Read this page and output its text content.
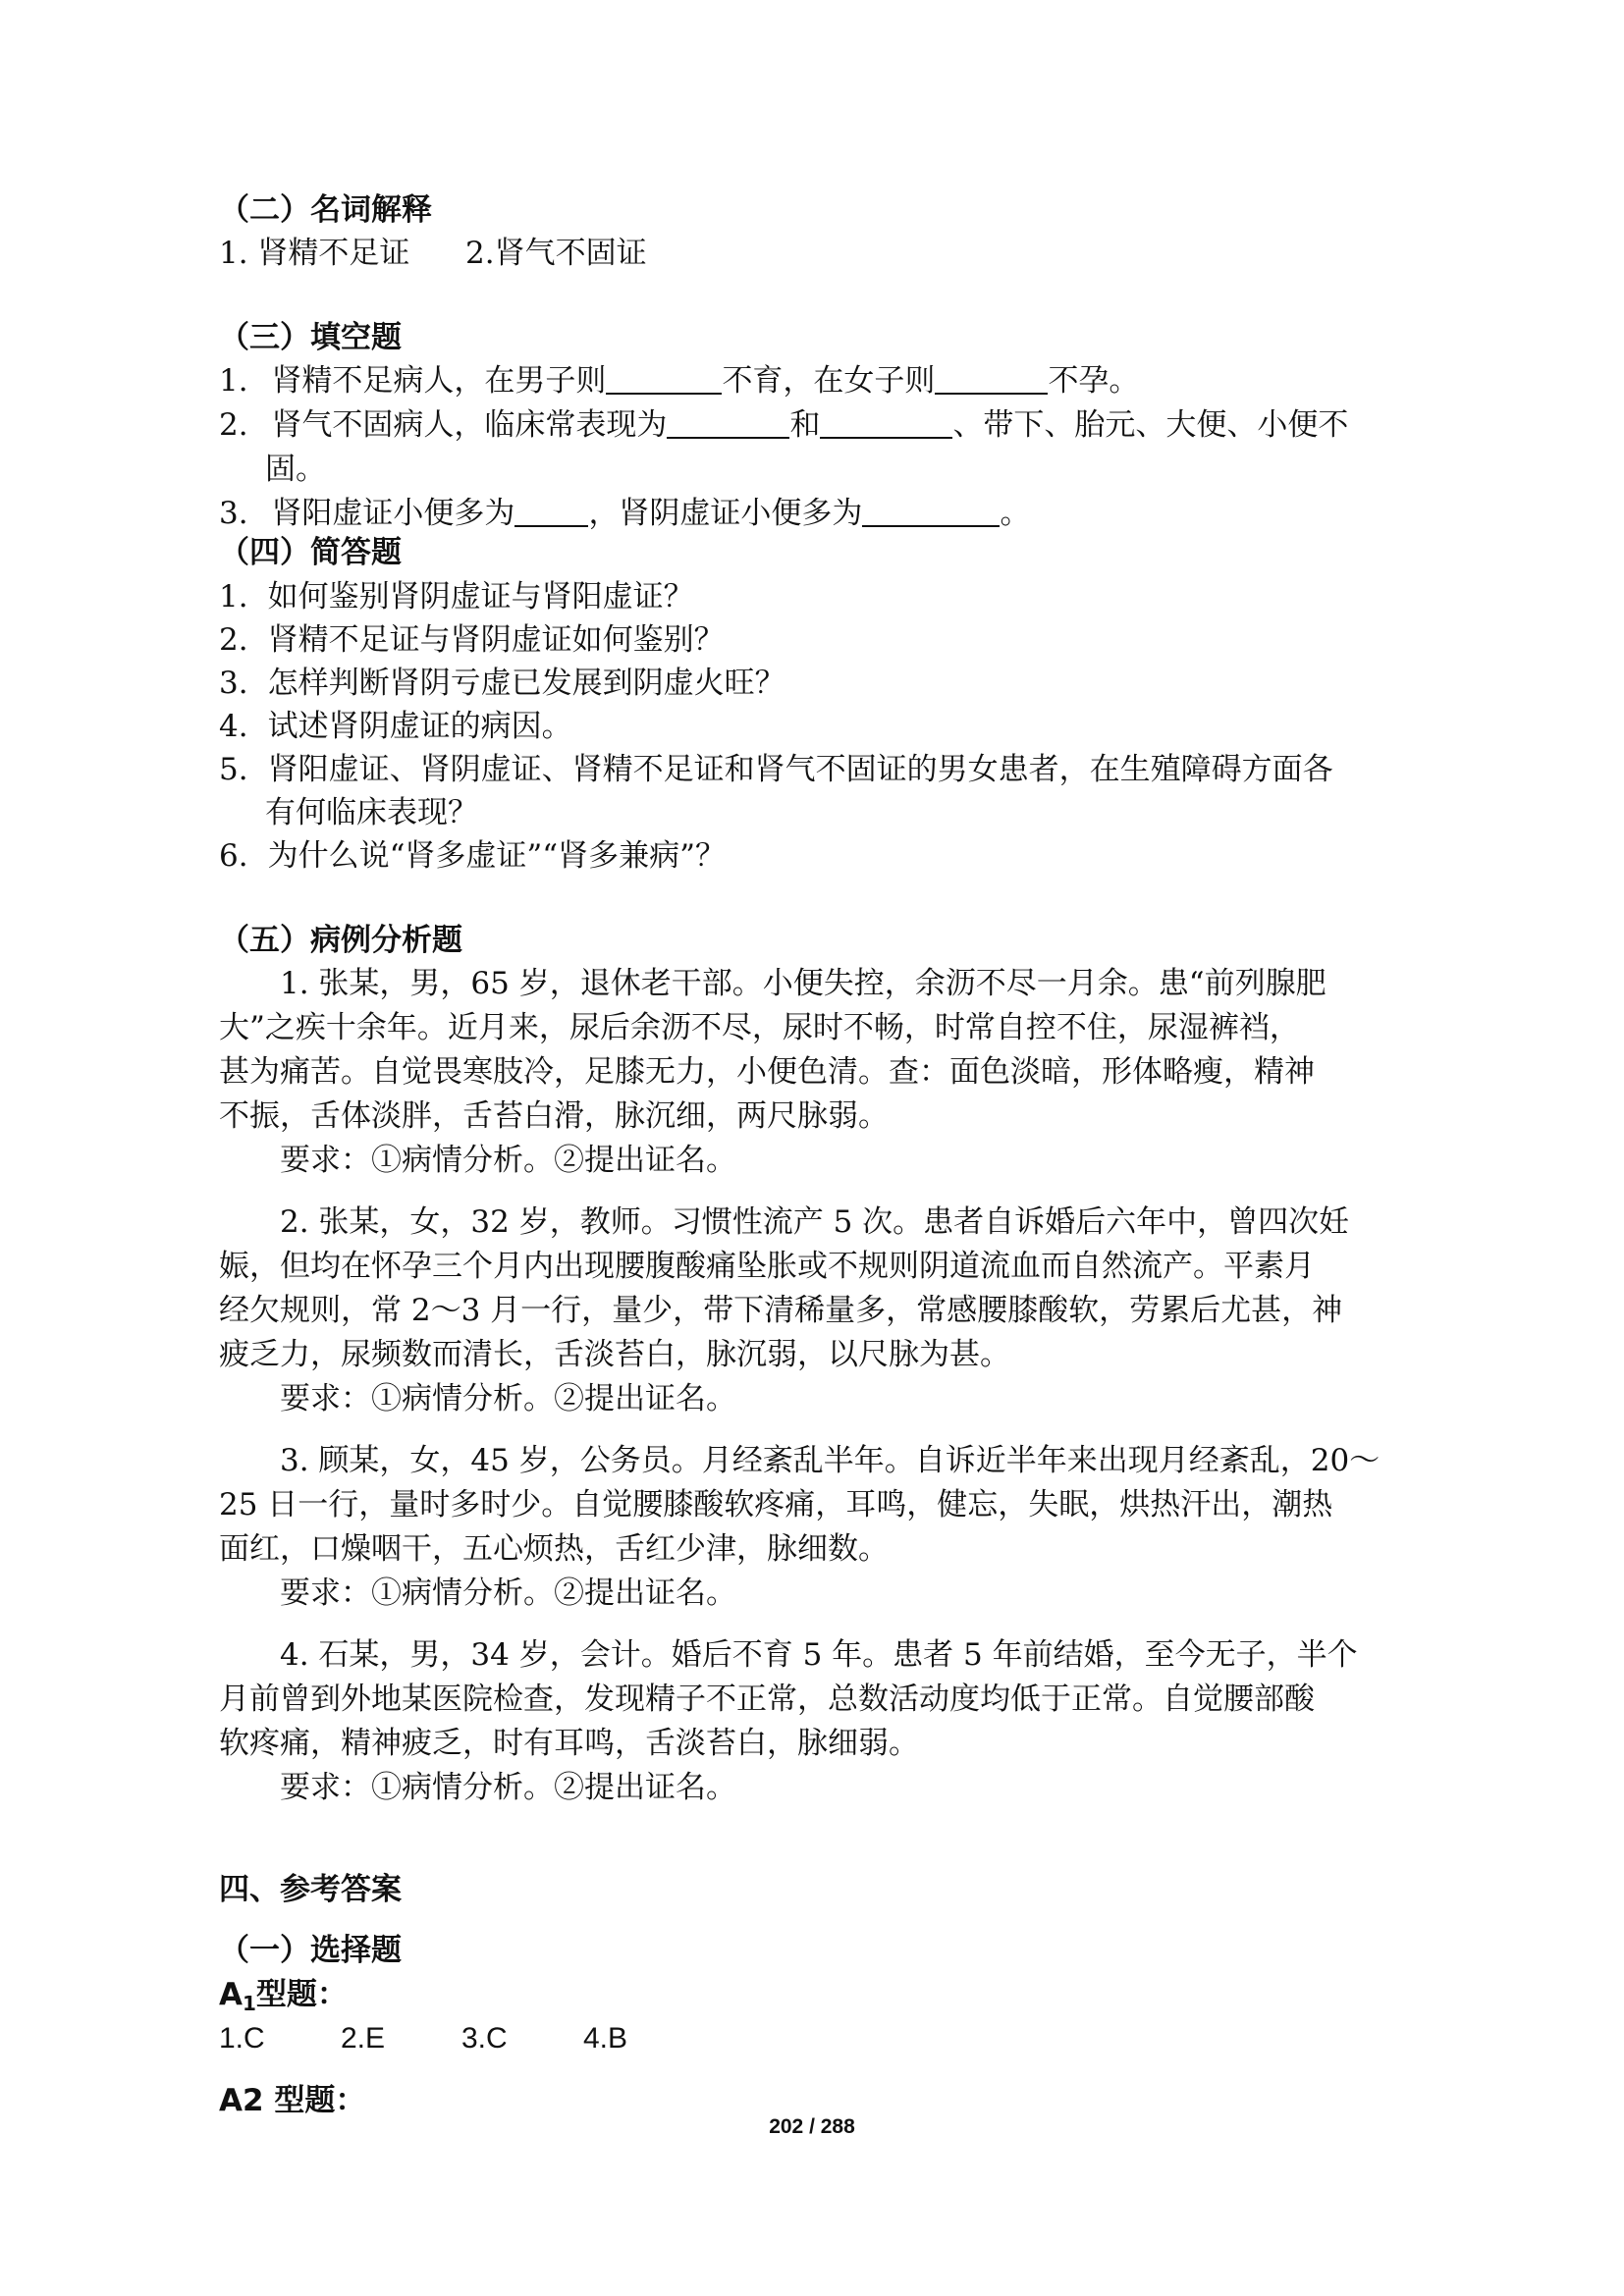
（二）名词解释
1. 肾精不足证 2.肾气不固证
（三）填空题
1. 肾精不足病人，在男子则	不育，在女子则	不孕。
2. 肾气不固病人，临床常表现为	和	、带下、胎元、大便、小便不
固。
3. 肾阳虚证小便多为 ，肾阴虚证小便多为	。
（四）简答题
1. 如何鉴别肾阴虚证与肾阳虚证？
2. 肾精不足证与肾阴虚证如何鉴别？
3. 怎样判断肾阴亏虚已发展到阴虚火旺？
4. 试述肾阴虚证的病因。
5. 肾阳虚证、肾阴虚证、肾精不足证和肾气不固证的男女患者，在生殖障碍方面各
有何临床表现？
6. 为什么说“肾多虚证”“肾多兼病”？
（五）病例分析题
1. 张某，男，65 岁，退休老干部。小便失控，余沥不尽一月余。患“前列腺肥
大”之疾十余年。近月来，尿后余沥不尽，尿时不畅，时常自控不住，尿湿裤裆，
甚为痛苦。自觉畏寒肢冷，足膝无力，小便色清。查：面色淡暗，形体略瘦，精神
不振，舌体淡胖，舌苔白滑，脉沉细，两尺脉弱。
要求：①病情分析。②提出证名。
2. 张某，女，32 岁，教师。习惯性流产 5 次。患者自诉婚后六年中，曾四次妊
娠，但均在怀孕三个月内出现腰腹酸痛坠胀或不规则阴道流血而自然流产。平素月
经欠规则，常 2～3 月一行，量少，带下清稀量多，常感腰膝酸软，劳累后尤甚，神
疲乏力，尿频数而清长，舌淡苔白，脉沉弱，以尺脉为甚。
要求：①病情分析。②提出证名。
3. 顾某，女，45 岁，公务员。月经紊乱半年。自诉近半年来出现月经紊乱，20～
25 日一行，量时多时少。自觉腰膝酸软疼痛，耳鸣，健忘，失眠，烘热汗出，潮热
面红，口燥咽干，五心烦热，舌红少津，脉细数。
要求：①病情分析。②提出证名。
4. 石某，男，34 岁，会计。婚后不育 5 年。患者 5 年前结婚，至今无子，半个
月前曾到外地某医院检查，发现精子不正常，总数活动度均低于正常。自觉腰部酸
软疼痛，精神疲乏，时有耳鸣，舌淡苔白，脉细弱。
要求：①病情分析。②提出证名。
四、参考答案
（一）选择题
$A_1$型题：
1.C	2.E	3.C	4.B
A2 型题：
202 / 288
